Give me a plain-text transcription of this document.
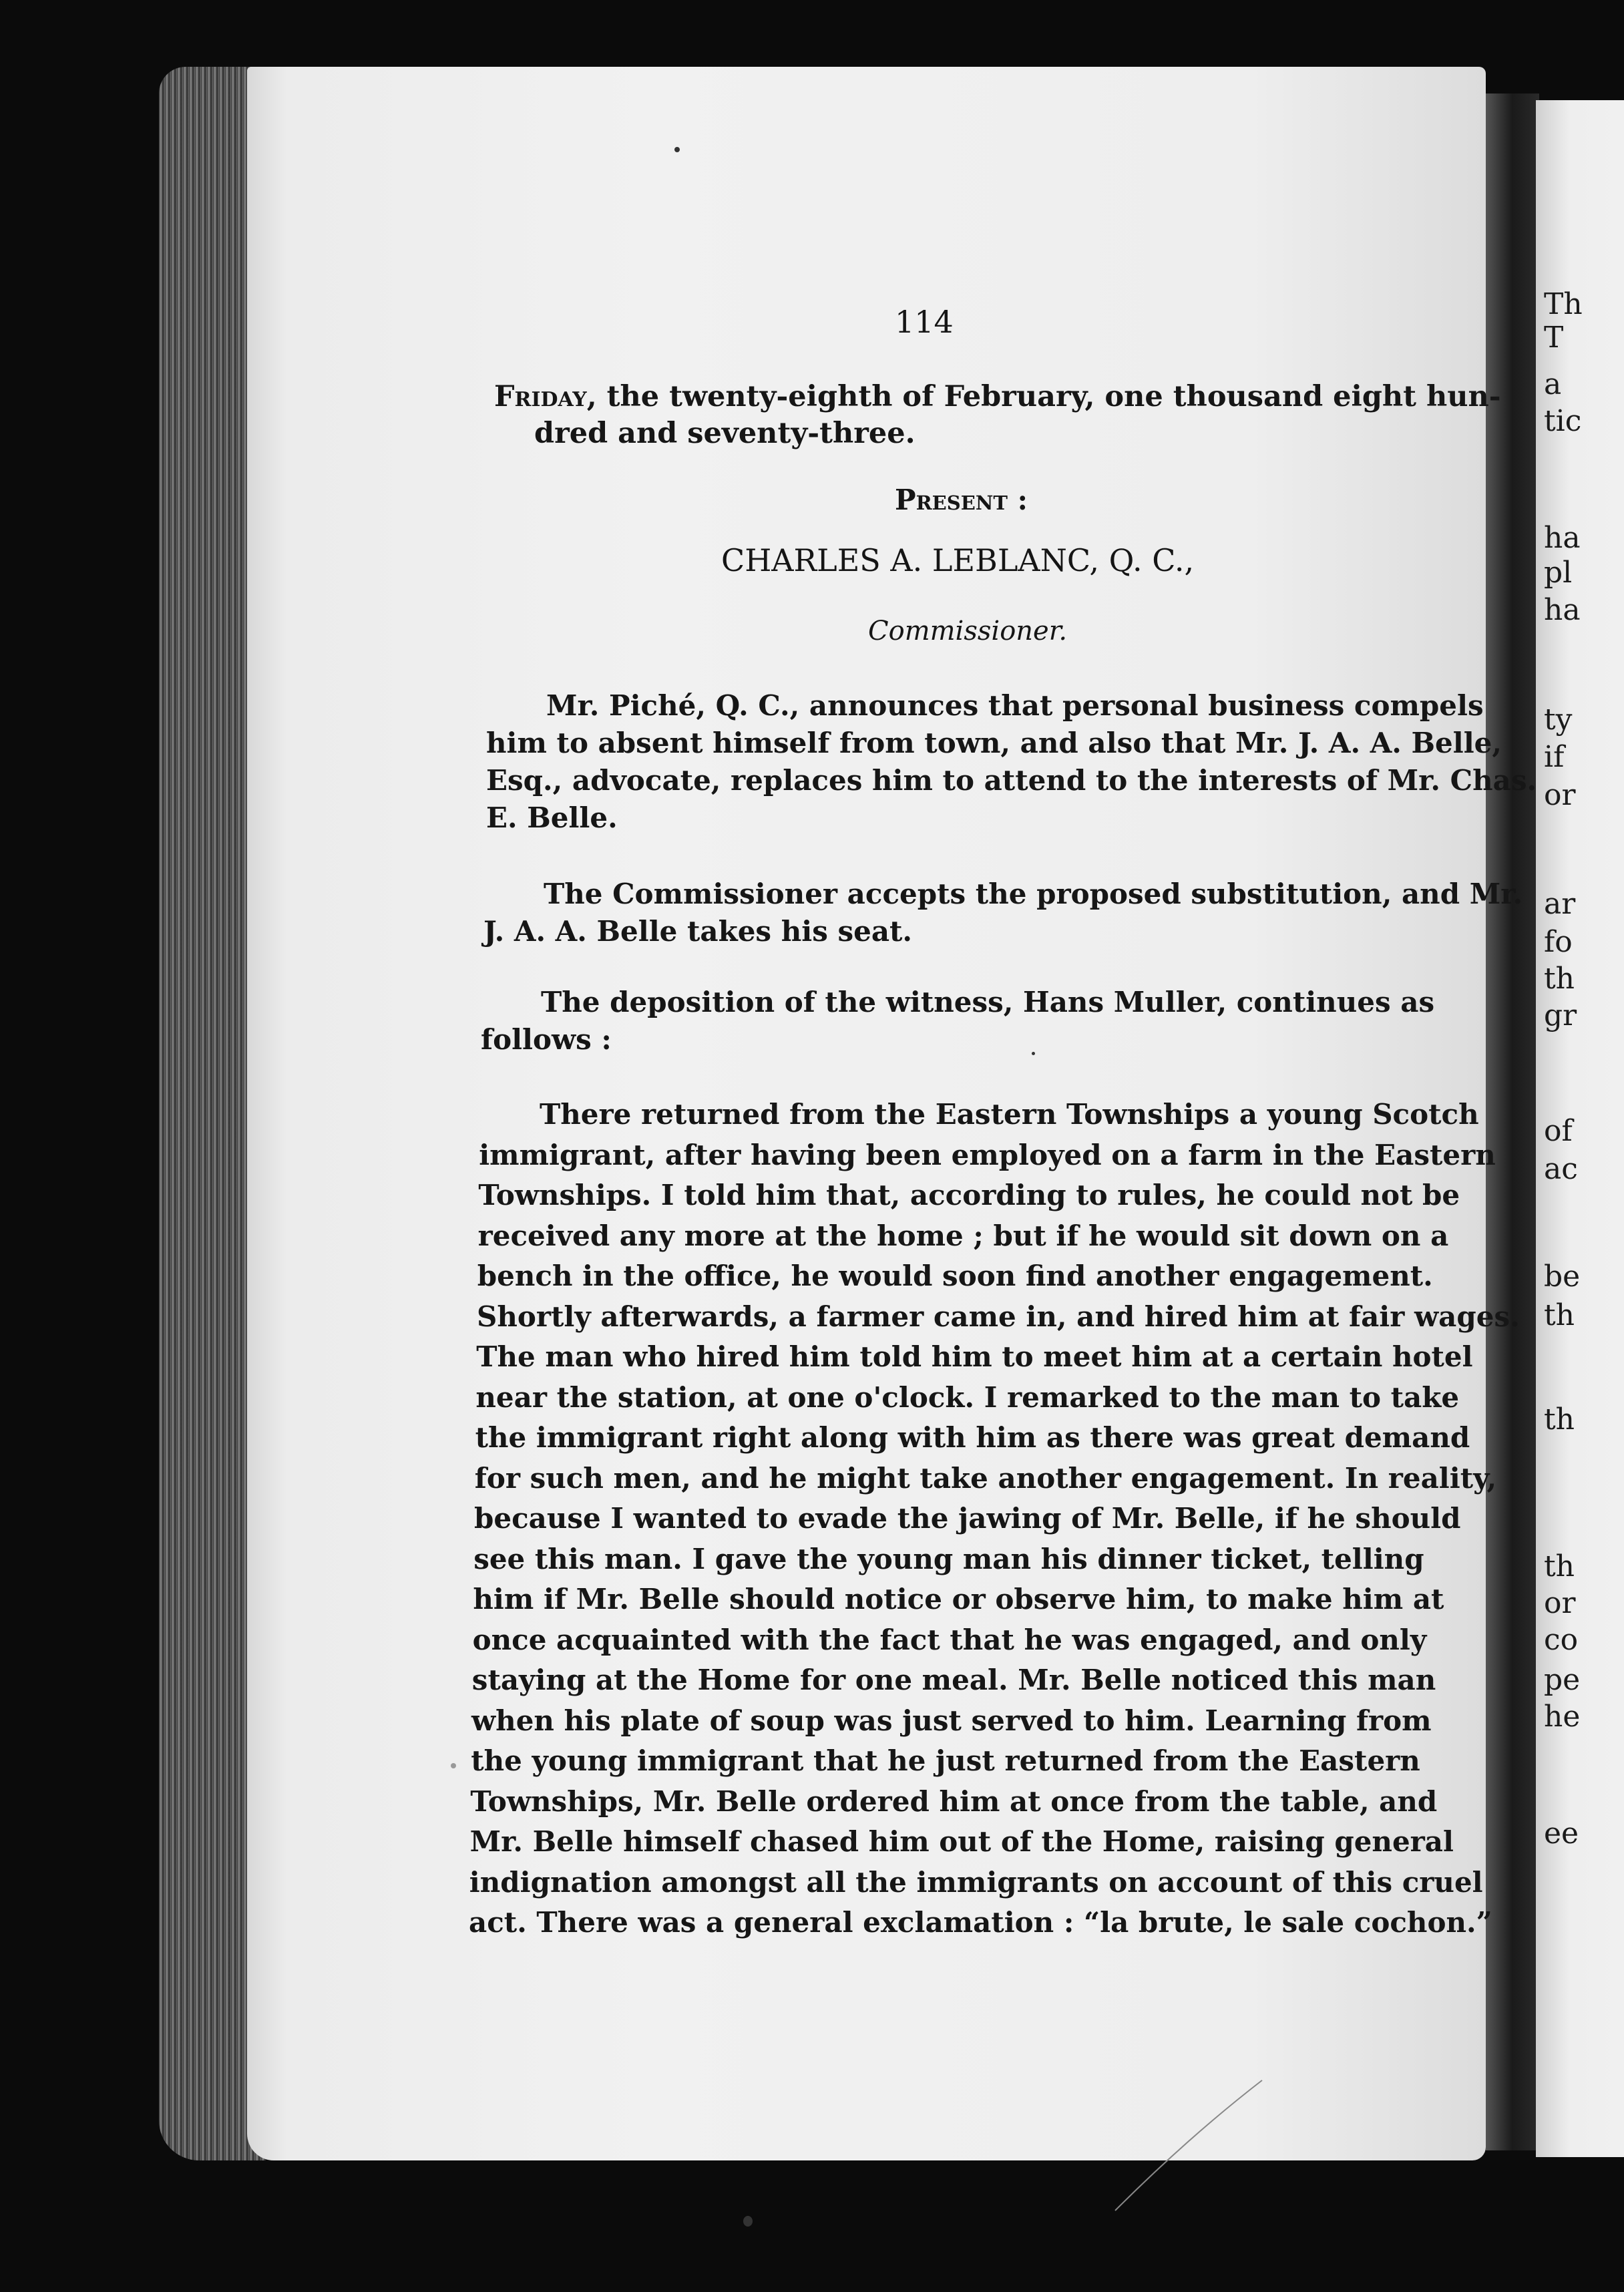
Th
T
a
tic
ha
pl
ha
ty
if
or
ar
fo
th
gr
of
ac
be
th
th
th
or
co
pe
he
ee
114
Friday, the twenty-eighth of February, one thousand eight hun-
dred and seventy-three.
Present :
CHARLES A. LEBLANC, Q. C.,
Commissioner.
Mr. Piché, Q. C., announces that personal business compels
him to absent himself from town, and also that Mr. J. A. A. Belle,
Esq., advocate, replaces him to attend to the interests of Mr. Chas.
E. Belle.
The Commissioner accepts the proposed substitution, and Mr.
J. A. A. Belle takes his seat.
The deposition of the witness, Hans Muller, continues as
follows :
There returned from the Eastern Townships a young Scotch
immigrant, after having been employed on a farm in the Eastern
Townships. I told him that, according to rules, he could not be
received any more at the home ; but if he would sit down on a
bench in the office, he would soon find another engagement.
Shortly afterwards, a farmer came in, and hired him at fair wages.
The man who hired him told him to meet him at a certain hotel
near the station, at one o'clock. I remarked to the man to take
the immigrant right along with him as there was great demand
for such men, and he might take another engagement. In reality,
because I wanted to evade the jawing of Mr. Belle, if he should
see this man. I gave the young man his dinner ticket, telling
him if Mr. Belle should notice or observe him, to make him at
once acquainted with the fact that he was engaged, and only
staying at the Home for one meal. Mr. Belle noticed this man
when his plate of soup was just served to him. Learning from
the young immigrant that he just returned from the Eastern
Townships, Mr. Belle ordered him at once from the table, and
Mr. Belle himself chased him out of the Home, raising general
indignation amongst all the immigrants on account of this cruel
act. There was a general exclamation : “la brute, le sale cochon.”
